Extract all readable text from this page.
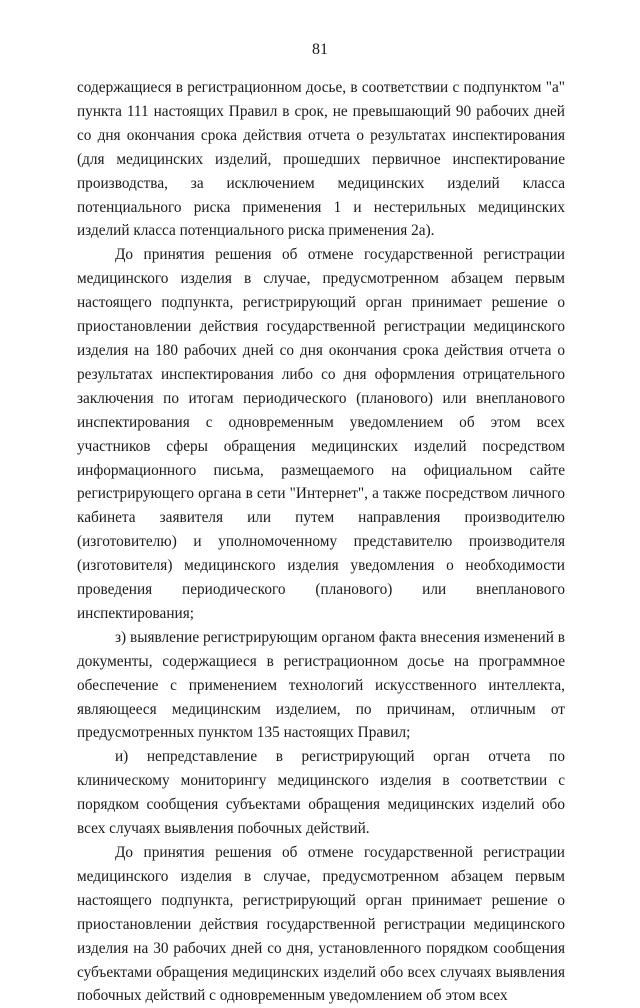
81

содержащиеся в регистрационном досье, в соответствии с подпунктом "а" пункта 111 настоящих Правил в срок, не превышающий 90 рабочих дней со дня окончания срока действия отчета о результатах инспектирования (для медицинских изделий, прошедших первичное инспектирование производства, за исключением медицинских изделий класса потенциального риска применения 1 и нестерильных медицинских изделий класса потенциального риска применения 2а).

До принятия решения об отмене государственной регистрации медицинского изделия в случае, предусмотренном абзацем первым настоящего подпункта, регистрирующий орган принимает решение о приостановлении действия государственной регистрации медицинского изделия на 180 рабочих дней со дня окончания срока действия отчета о результатах инспектирования либо со дня оформления отрицательного заключения по итогам периодического (планового) или внепланового инспектирования с одновременным уведомлением об этом всех участников сферы обращения медицинских изделий посредством информационного письма, размещаемого на официальном сайте регистрирующего органа в сети "Интернет", а также посредством личного кабинета заявителя или путем направления производителю (изготовителю) и уполномоченному представителю производителя (изготовителя) медицинского изделия уведомления о необходимости проведения периодического (планового) или внепланового инспектирования;

з) выявление регистрирующим органом факта внесения изменений в документы, содержащиеся в регистрационном досье на программное обеспечение с применением технологий искусственного интеллекта, являющееся медицинским изделием, по причинам, отличным от предусмотренных пунктом 135 настоящих Правил;

и) непредставление в регистрирующий орган отчета по клиническому мониторингу медицинского изделия в соответствии с порядком сообщения субъектами обращения медицинских изделий обо всех случаях выявления побочных действий.

До принятия решения об отмене государственной регистрации медицинского изделия в случае, предусмотренном абзацем первым настоящего подпункта, регистрирующий орган принимает решение о приостановлении действия государственной регистрации медицинского изделия на 30 рабочих дней со дня, установленного порядком сообщения субъектами обращения медицинских изделий обо всех случаях выявления побочных действий с одновременным уведомлением об этом всех
